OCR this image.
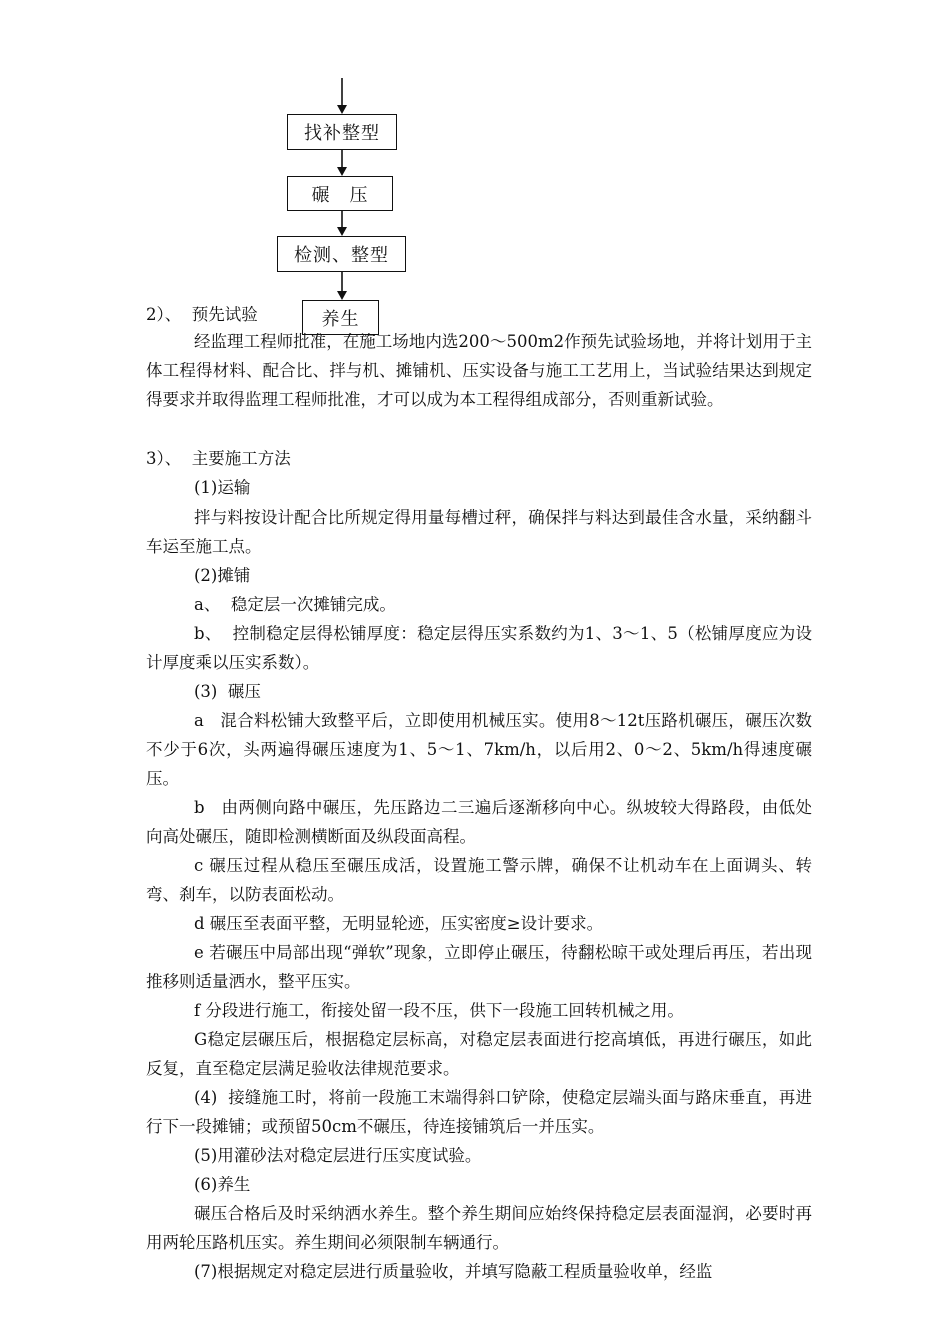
找补整型
碾　压
检测、整型
养生
2）、  预先试验
经监理工程师批准，在施工场地内选200～500m2作预先试验场地，并将计划用于主体工程得材料、配合比、拌与机、摊铺机、压实设备与施工工艺用上，当试验结果达到规定得要求并取得监理工程师批准，才可以成为本工程得组成部分，否则重新试验。
3）、  主要施工方法
(1)运输
拌与料按设计配合比所规定得用量每槽过秤，确保拌与料达到最佳含水量，采纳翻斗车运至施工点。
(2)摊铺
a、  稳定层一次摊铺完成。
b、  控制稳定层得松铺厚度：稳定层得压实系数约为1、3～1、5（松铺厚度应为设计厚度乘以压实系数）。
(3)  碾压
a   混合料松铺大致整平后，立即使用机械压实。使用8～12t压路机碾压，碾压次数不少于6次，头两遍得碾压速度为1、5～1、7km/h，以后用2、0～2、5km/h得速度碾压。
b   由两侧向路中碾压，先压路边二三遍后逐渐移向中心。纵坡较大得路段，由低处向高处碾压，随即检测横断面及纵段面高程。
c 碾压过程从稳压至碾压成活，设置施工警示牌，确保不让机动车在上面调头、转弯、刹车，以防表面松动。
d 碾压至表面平整，无明显轮迹，压实密度≥设计要求。
e 若碾压中局部出现“弹软”现象，立即停止碾压，待翻松晾干或处理后再压，若出现推移则适量洒水，整平压实。
f 分段进行施工，衔接处留一段不压，供下一段施工回转机械之用。
G稳定层碾压后，根据稳定层标高，对稳定层表面进行挖高填低，再进行碾压，如此反复，直至稳定层满足验收法律规范要求。
(4)  接缝施工时，将前一段施工末端得斜口铲除，使稳定层端头面与路床垂直，再进行下一段摊铺；或预留50cm不碾压，待连接铺筑后一并压实。
(5)用灌砂法对稳定层进行压实度试验。
(6)养生
碾压合格后及时采纳洒水养生。整个养生期间应始终保持稳定层表面湿润，必要时再用两轮压路机压实。养生期间必须限制车辆通行。
(7)根据规定对稳定层进行质量验收，并填写隐蔽工程质量验收单，经监
